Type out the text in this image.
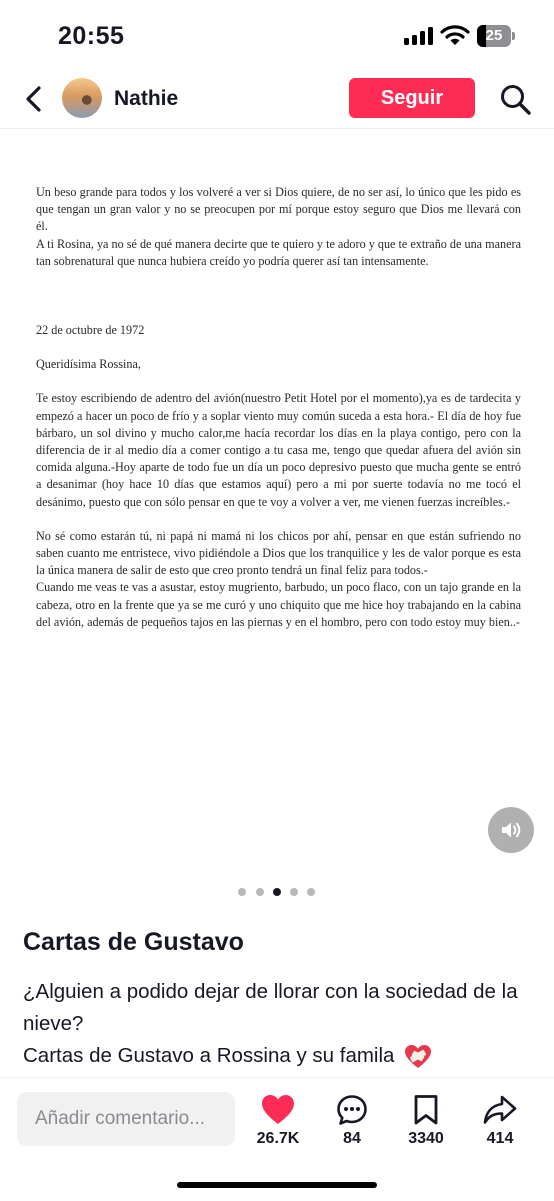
20:55	25
Nathie	Seguir

Un beso grande para todos y los volveré a ver si Dios quiere, de no ser así, lo único que les pido es que tengan un gran valor y no se preocupen por mí porque estoy seguro que Dios me llevará con él.

A ti Rosina, ya no sé de qué manera decirte que te quiero y te adoro y que te extraño de una manera tan sobrenatural que nunca hubiera creído yo podría querer así tan intensamente.

22 de octubre de 1972

Queridísima Rossina,

Te estoy escribiendo de adentro del avión(nuestro Petit Hotel por el momento),ya es de tardecita y empezó a hacer un poco de frío y a soplar viento muy común suceda a esta hora.- El día de hoy fue bárbaro, un sol divino y mucho calor,me hacía recordar los días en la playa contigo, pero con la diferencia de ir al medio día a comer contigo a tu casa me, tengo que quedar afuera del avión sin comida alguna.-Hoy aparte de todo fue un día un poco depresivo puesto que mucha gente se entró a desanimar (hoy hace 10 días que estamos aquí) pero a mi por suerte todavía no me tocó el desánimo, puesto que con sólo pensar en que te voy a volver a ver, me vienen fuerzas increíbles.-

No sé como estarán tú, ni papá ni mamá ni los chicos por ahí, pensar en que están sufriendo no saben cuanto me entristece, vivo pidiéndole a Dios que los tranquilice y les de valor porque es esta la única manera de salir de esto que creo pronto tendrá un final feliz para todos.-

Cuando me veas te vas a asustar, estoy mugriento, barbudo, un poco flaco, con un tajo grande en la cabeza, otro en la frente que ya se me curó y uno chiquito que me hice hoy trabajando en la cabina del avión, además de pequeños tajos en las piernas y en el hombro, pero con todo estoy muy bien..-

Cartas de Gustavo
¿Alguien a podido dejar de llorar con la sociedad de la nieve?
Cartas de Gustavo a Rossina y su famila
Añadir comentario...
26.7K	84	3340	414
